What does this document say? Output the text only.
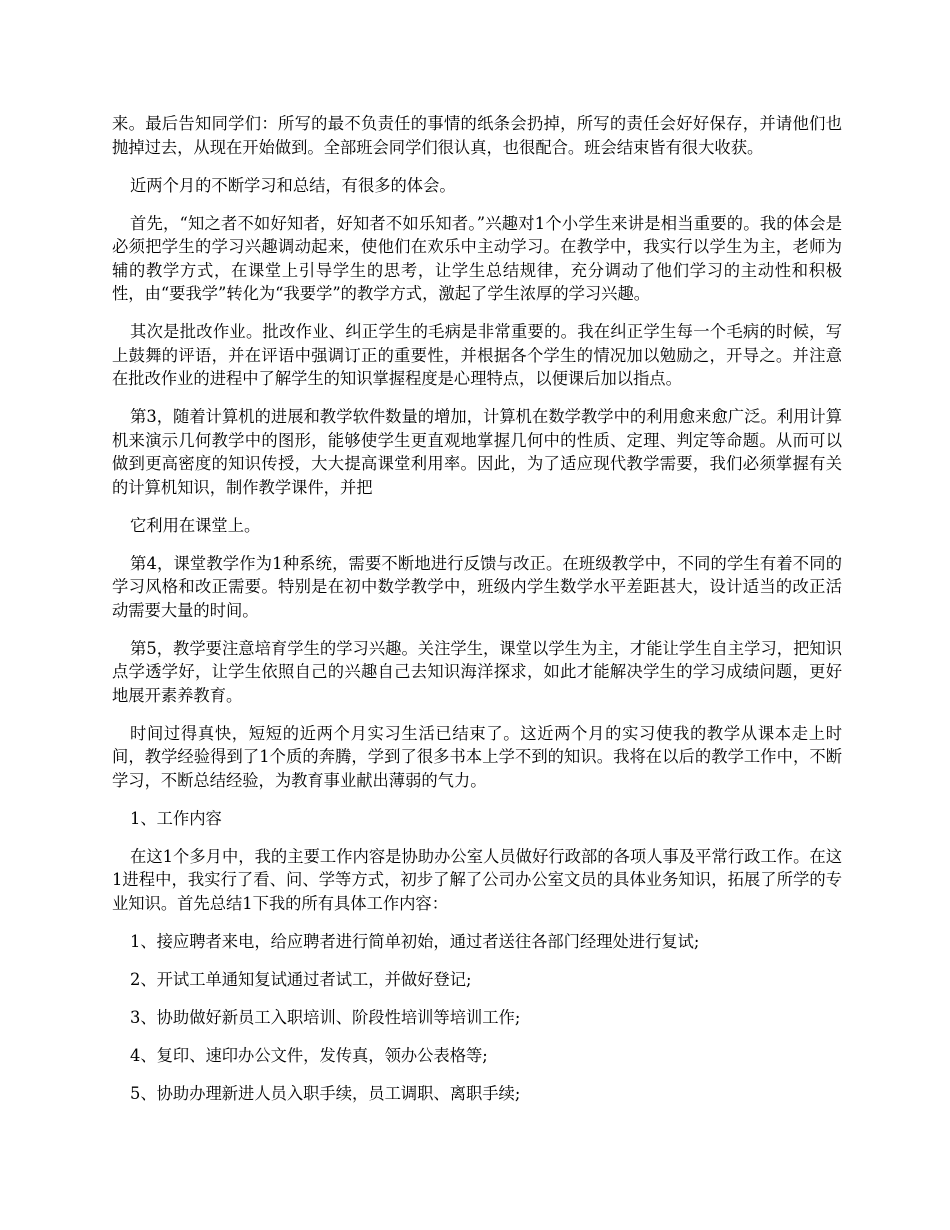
来。最后告知同学们：所写的最不负责任的事情的纸条会扔掉，所写的责任会好好保存，并请他们也抛掉过去，从现在开始做到。全部班会同学们很认真，也很配合。班会结束皆有很大收获。

近两个月的不断学习和总结，有很多的体会。

首先，“知之者不如好知者，好知者不如乐知者。”兴趣对1个小学生来讲是相当重要的。我的体会是必须把学生的学习兴趣调动起来，使他们在欢乐中主动学习。在教学中，我实行以学生为主，老师为辅的教学方式，在课堂上引导学生的思考，让学生总结规律，充分调动了他们学习的主动性和积极性，由“要我学”转化为“我要学”的教学方式，激起了学生浓厚的学习兴趣。

其次是批改作业。批改作业、纠正学生的毛病是非常重要的。我在纠正学生每一个毛病的时候，写上鼓舞的评语，并在评语中强调订正的重要性，并根据各个学生的情况加以勉励之，开导之。并注意在批改作业的进程中了解学生的知识掌握程度是心理特点，以便课后加以指点。

第3，随着计算机的进展和教学软件数量的增加，计算机在数学教学中的利用愈来愈广泛。利用计算机来演示几何教学中的图形，能够使学生更直观地掌握几何中的性质、定理、判定等命题。从而可以做到更高密度的知识传授，大大提高课堂利用率。因此，为了适应现代教学需要，我们必须掌握有关的计算机知识，制作教学课件，并把

它利用在课堂上。

第4，课堂教学作为1种系统，需要不断地进行反馈与改正。在班级教学中，不同的学生有着不同的学习风格和改正需要。特别是在初中数学教学中，班级内学生数学水平差距甚大，设计适当的改正活动需要大量的时间。

第5，教学要注意培育学生的学习兴趣。关注学生，课堂以学生为主，才能让学生自主学习，把知识点学透学好，让学生依照自己的兴趣自己去知识海洋探求，如此才能解决学生的学习成绩问题，更好地展开素养教育。

时间过得真快，短短的近两个月实习生活已结束了。这近两个月的实习使我的教学从课本走上时间，教学经验得到了1个质的奔腾，学到了很多书本上学不到的知识。我将在以后的教学工作中，不断学习，不断总结经验，为教育事业献出薄弱的气力。

1、工作内容

在这1个多月中，我的主要工作内容是协助办公室人员做好行政部的各项人事及平常行政工作。在这1进程中，我实行了看、问、学等方式，初步了解了公司办公室文员的具体业务知识，拓展了所学的专业知识。首先总结1下我的所有具体工作内容：

1、接应聘者来电，给应聘者进行简单初始，通过者送往各部门经理处进行复试;

2、开试工单通知复试通过者试工，并做好登记;

3、协助做好新员工入职培训、阶段性培训等培训工作;

4、复印、速印办公文件，发传真，领办公表格等;

5、协助办理新进人员入职手续，员工调职、离职手续;
